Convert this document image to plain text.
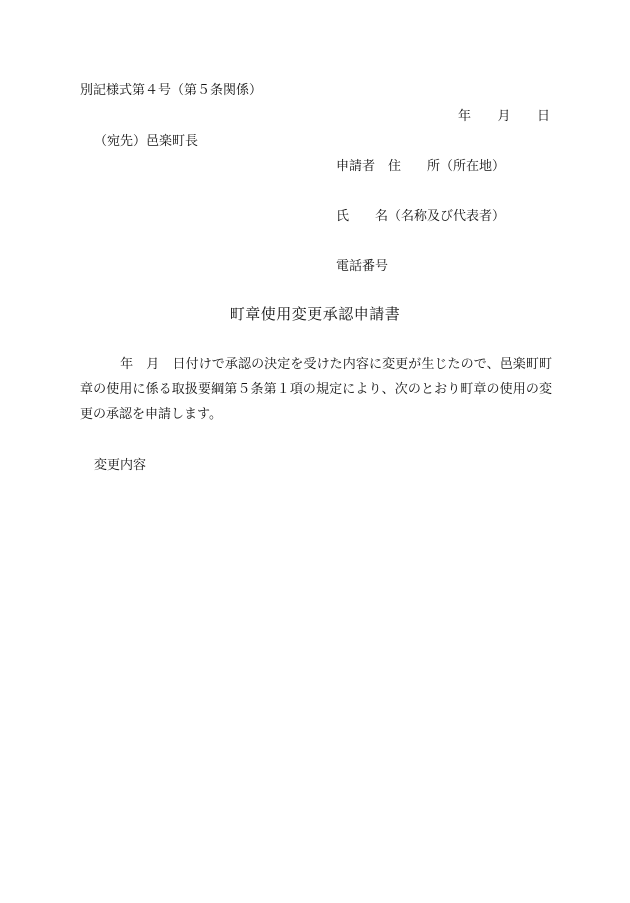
別記様式第４号（第５条関係）
年 月 日
（宛先）邑楽町長
申請者　住　　所（所在地）
氏　　名（名称及び代表者）
電話番号
町章使用変更承認申請書
年　月　日付けで承認の決定を受けた内容に変更が生じたので、邑楽町町章の使用に係る取扱要綱第５条第１項の規定により、次のとおり町章の使用の変更の承認を申請します。
変更内容
